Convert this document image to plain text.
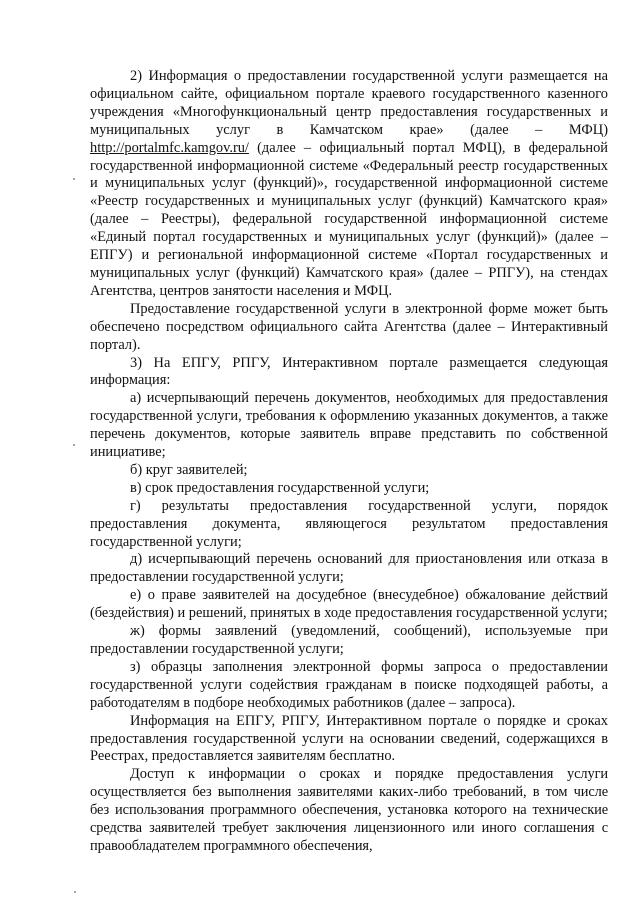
2) Информация о предоставлении государственной услуги размещается на официальном сайте, официальном портале краевого государственного казенного учреждения «Многофункциональный центр предоставления государственных и муниципальных услуг в Камчатском крае» (далее – МФЦ) http://portalmfc.kamgov.ru/ (далее – официальный портал МФЦ), в федеральной государственной информационной системе «Федеральный реестр государственных и муниципальных услуг (функций)», государственной информационной системе «Реестр государственных и муниципальных услуг (функций) Камчатского края» (далее – Реестры), федеральной государственной информационной системе «Единый портал государственных и муниципальных услуг (функций)» (далее – ЕПГУ) и региональной информационной системе «Портал государственных и муниципальных услуг (функций) Камчатского края» (далее – РПГУ), на стендах Агентства, центров занятости населения и МФЦ.

Предоставление государственной услуги в электронной форме может быть обеспечено посредством официального сайта Агентства (далее – Интерактивный портал).

3) На ЕПГУ, РПГУ, Интерактивном портале размещается следующая информация:

а) исчерпывающий перечень документов, необходимых для предоставления государственной услуги, требования к оформлению указанных документов, а также перечень документов, которые заявитель вправе представить по собственной инициативе;

б) круг заявителей;

в) срок предоставления государственной услуги;

г) результаты предоставления государственной услуги, порядок предоставления документа, являющегося результатом предоставления государственной услуги;

д) исчерпывающий перечень оснований для приостановления или отказа в предоставлении государственной услуги;

е) о праве заявителей на досудебное (внесудебное) обжалование действий (бездействия) и решений, принятых в ходе предоставления государственной услуги;

ж) формы заявлений (уведомлений, сообщений), используемые при предоставлении государственной услуги;

з) образцы заполнения электронной формы запроса о предоставлении государственной услуги содействия гражданам в поиске подходящей работы, а работодателям в подборе необходимых работников (далее – запроса).

Информация на ЕПГУ, РПГУ, Интерактивном портале о порядке и сроках предоставления государственной услуги на основании сведений, содержащихся в Реестрах, предоставляется заявителям бесплатно.

Доступ к информации о сроках и порядке предоставления услуги осуществляется без выполнения заявителями каких-либо требований, в том числе без использования программного обеспечения, установка которого на технические средства заявителей требует заключения лицензионного или иного соглашения с правообладателем программного обеспечения,
